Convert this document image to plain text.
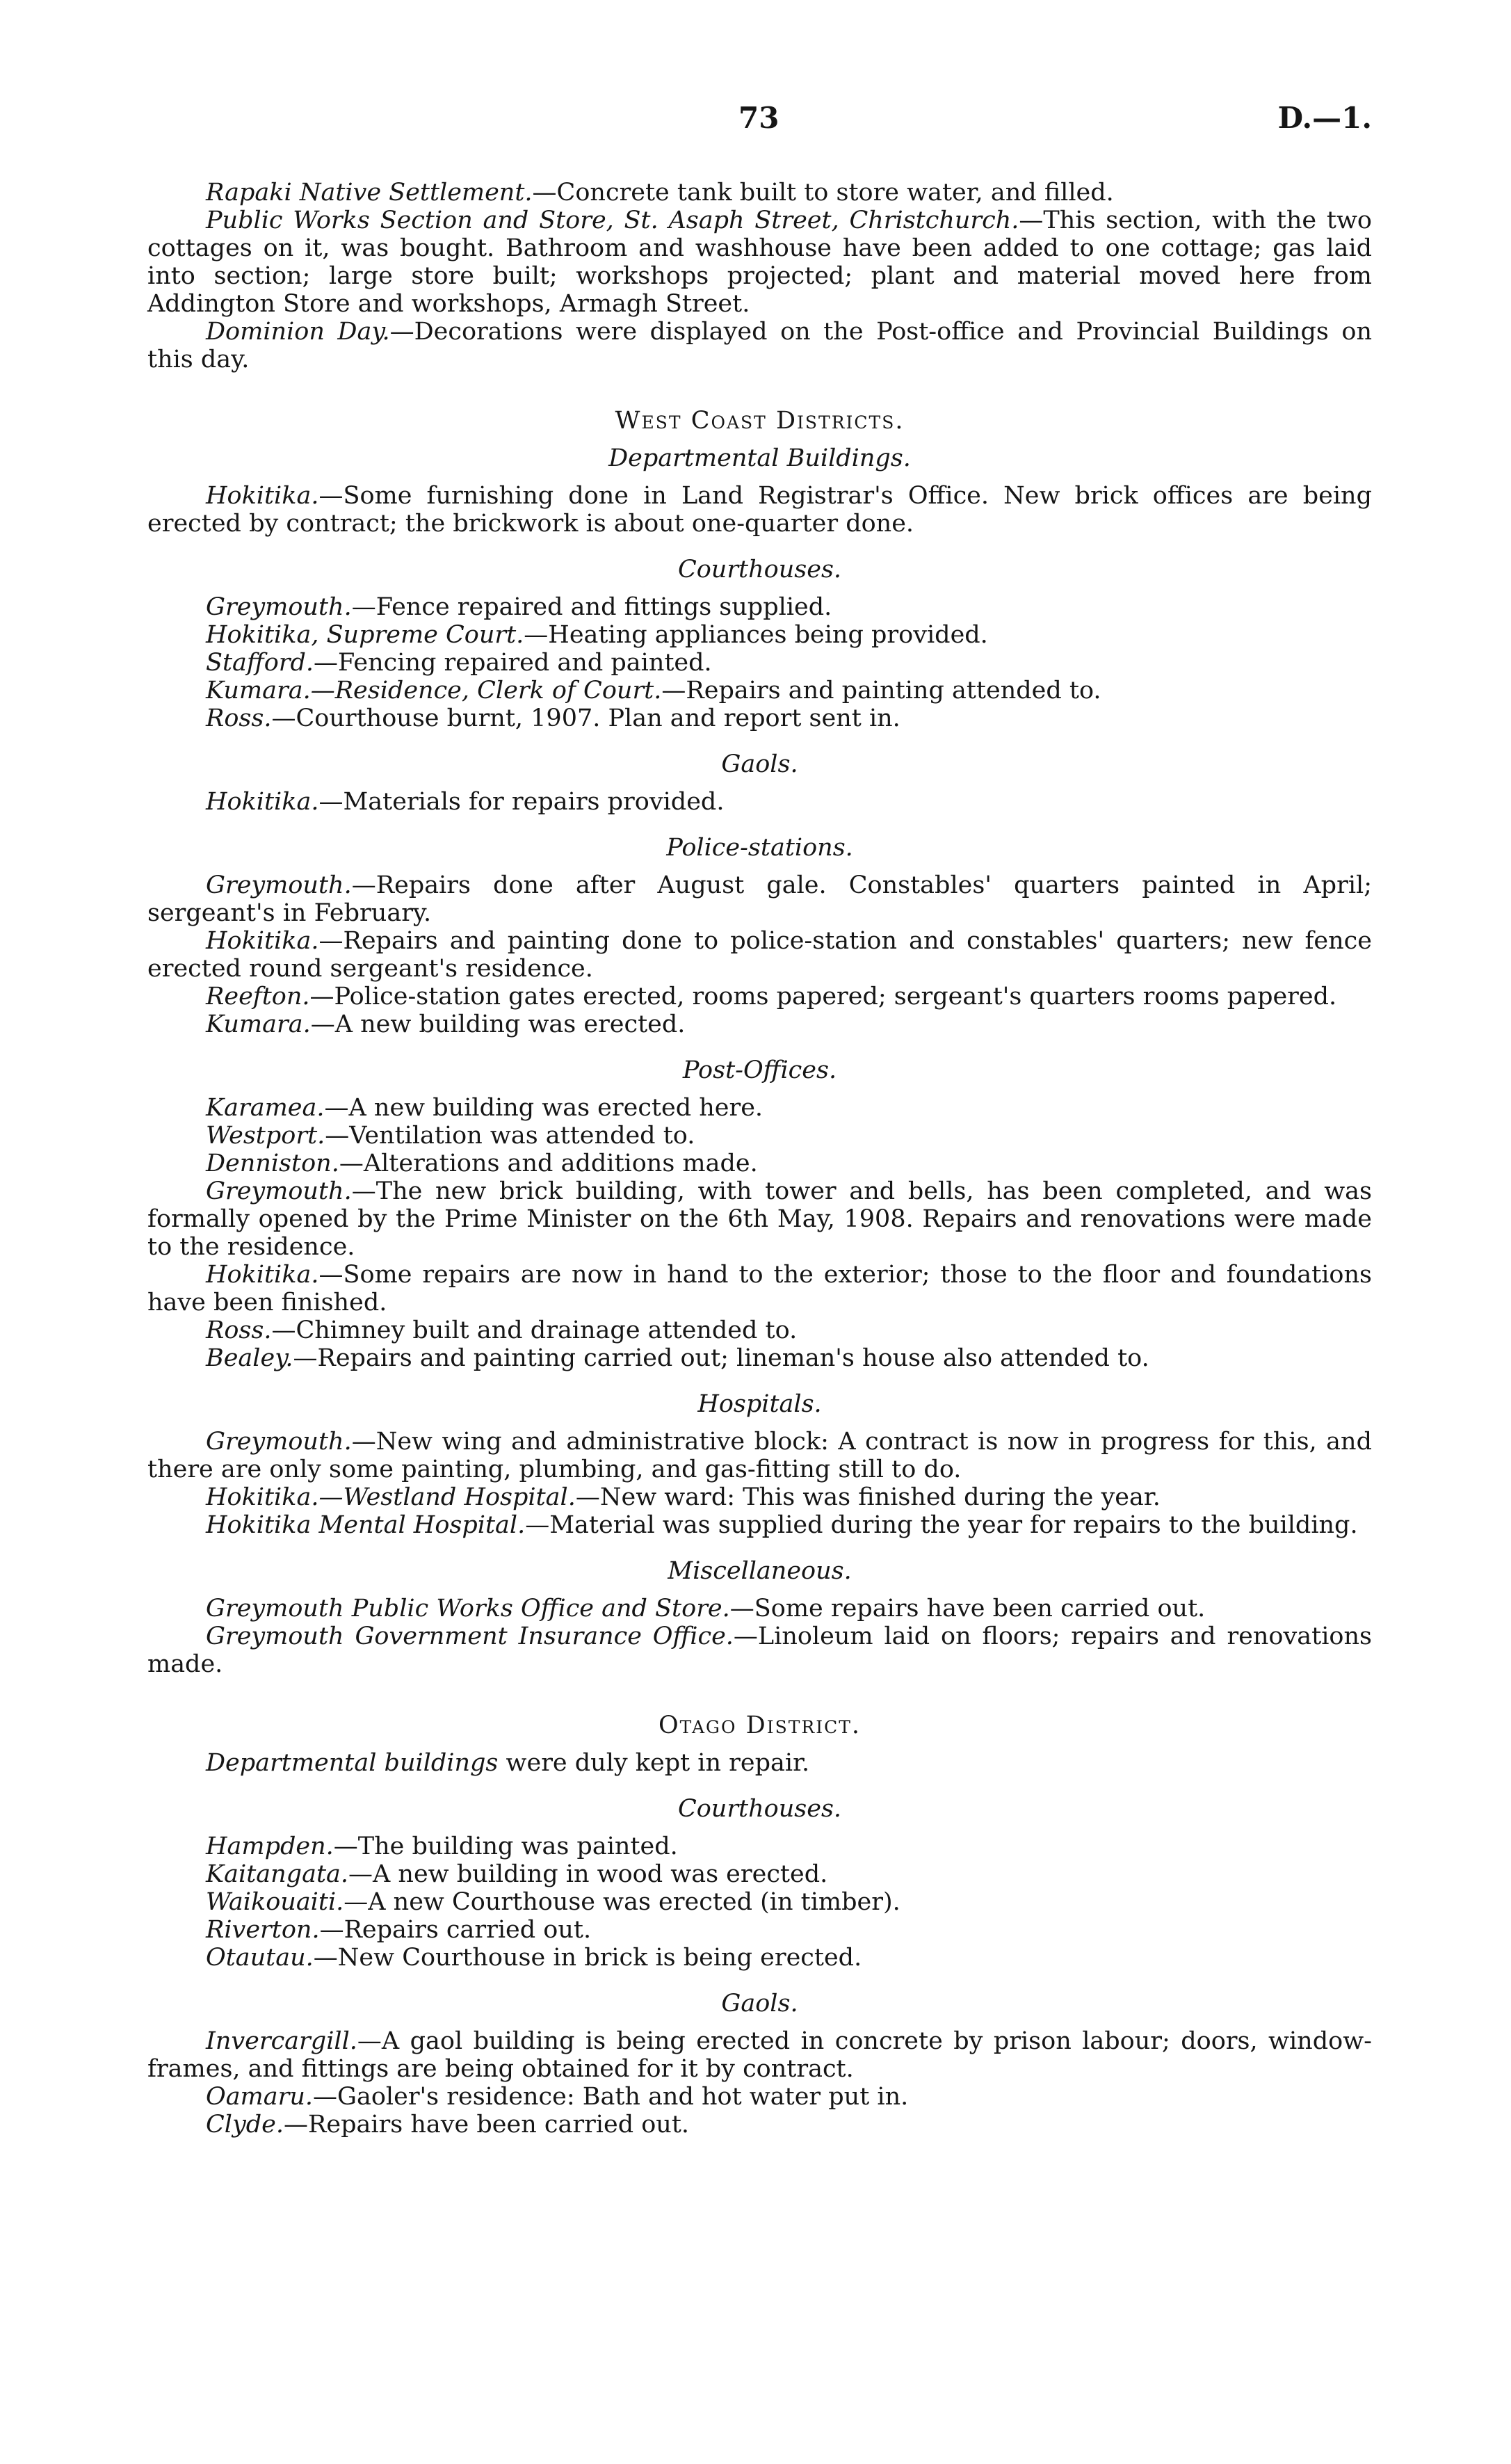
73	D.—1.

Rapaki Native Settlement.—Concrete tank built to store water, and filled.

Public Works Section and Store, St. Asaph Street, Christchurch.—This section, with the two cottages on it, was bought. Bathroom and washhouse have been added to one cottage; gas laid into section; large store built; workshops projected; plant and material moved here from Addington Store and workshops, Armagh Street.

Dominion Day.—Decorations were displayed on the Post-office and Provincial Buildings on this day.

West Coast Districts.
Departmental Buildings.

Hokitika.—Some furnishing done in Land Registrar's Office. New brick offices are being erected by contract; the brickwork is about one-quarter done.

Courthouses.

Greymouth.—Fence repaired and fittings supplied.

Hokitika, Supreme Court.—Heating appliances being provided.

Stafford.—Fencing repaired and painted.

Kumara.—Residence, Clerk of Court.—Repairs and painting attended to.

Ross.—Courthouse burnt, 1907. Plan and report sent in.

Gaols.

Hokitika.—Materials for repairs provided.

Police-stations.

Greymouth.—Repairs done after August gale. Constables' quarters painted in April; sergeant's in February.

Hokitika.—Repairs and painting done to police-station and constables' quarters; new fence erected round sergeant's residence.

Reefton.—Police-station gates erected, rooms papered; sergeant's quarters rooms papered.

Kumara.—A new building was erected.

Post-Offices.

Karamea.—A new building was erected here.

Westport.—Ventilation was attended to.

Denniston.—Alterations and additions made.

Greymouth.—The new brick building, with tower and bells, has been completed, and was formally opened by the Prime Minister on the 6th May, 1908. Repairs and renovations were made to the residence.

Hokitika.—Some repairs are now in hand to the exterior; those to the floor and foundations have been finished.

Ross.—Chimney built and drainage attended to.

Bealey.—Repairs and painting carried out; lineman's house also attended to.

Hospitals.

Greymouth.—New wing and administrative block: A contract is now in progress for this, and there are only some painting, plumbing, and gas-fitting still to do.

Hokitika.—Westland Hospital.—New ward: This was finished during the year.

Hokitika Mental Hospital.—Material was supplied during the year for repairs to the building.

Miscellaneous.

Greymouth Public Works Office and Store.—Some repairs have been carried out.

Greymouth Government Insurance Office.—Linoleum laid on floors; repairs and renovations made.

Otago District.

Departmental buildings were duly kept in repair.

Courthouses.

Hampden.—The building was painted.

Kaitangata.—A new building in wood was erected.

Waikouaiti.—A new Courthouse was erected (in timber).

Riverton.—Repairs carried out.

Otautau.—New Courthouse in brick is being erected.

Gaols.

Invercargill.—A gaol building is being erected in concrete by prison labour; doors, window-frames, and fittings are being obtained for it by contract.

Oamaru.—Gaoler's residence: Bath and hot water put in.

Clyde.—Repairs have been carried out.
